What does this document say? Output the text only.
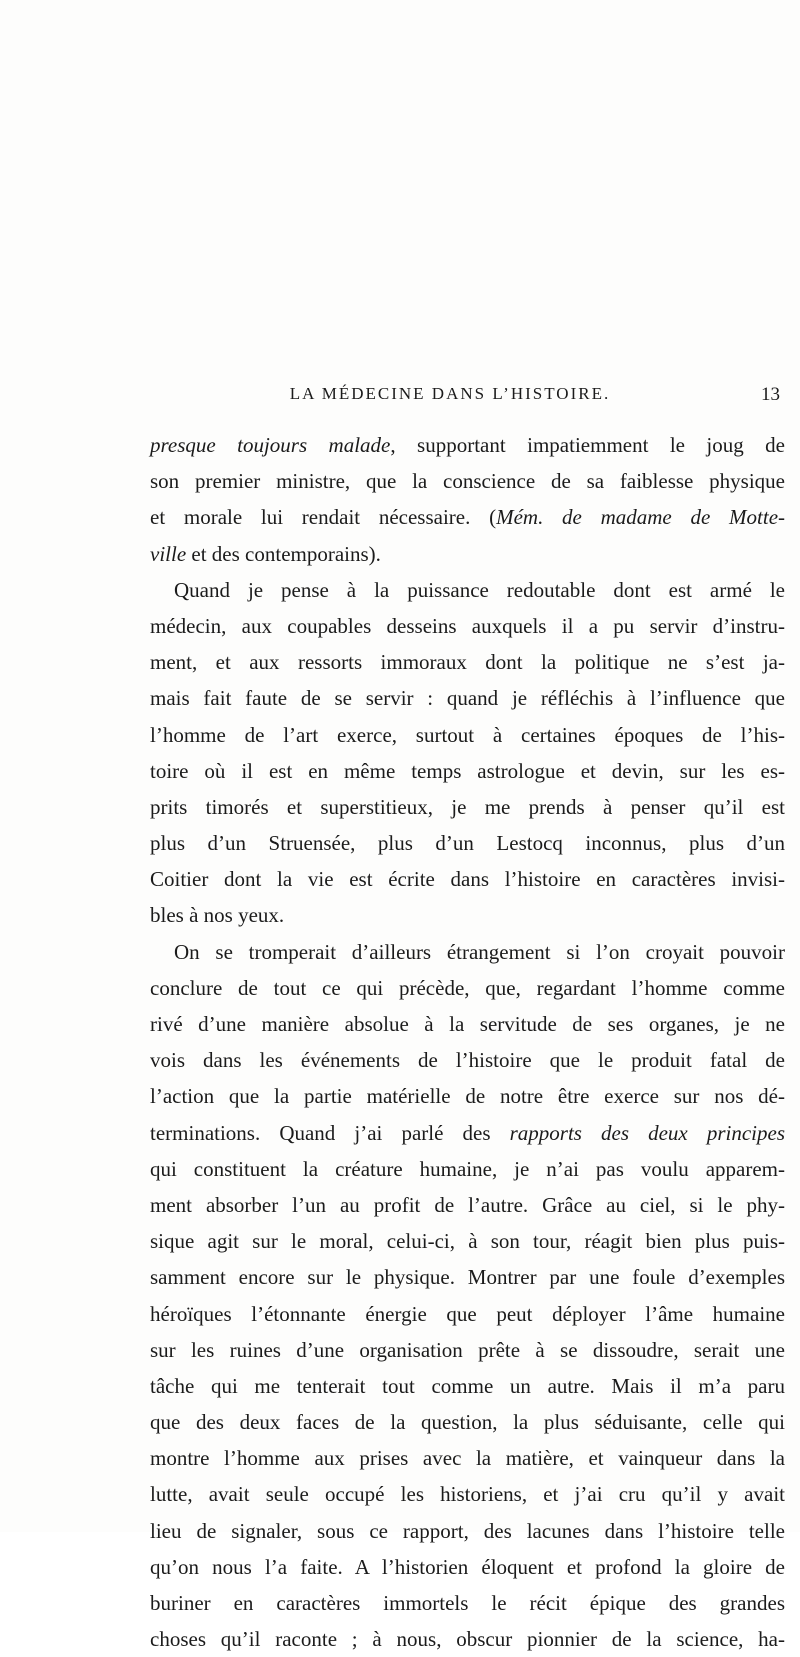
LA MÉDECINE DANS L’HISTOIRE.	13
presque toujours malade, supportant impatiemment le joug de
son premier ministre, que la conscience de sa faiblesse physique
et morale lui rendait nécessaire. (Mém. de madame de Motte-
ville et des contemporains).
Quand je pense à la puissance redoutable dont est armé le
médecin, aux coupables desseins auxquels il a pu servir d’instru-
ment, et aux ressorts immoraux dont la politique ne s’est ja-
mais fait faute de se servir : quand je réfléchis à l’influence que
l’homme de l’art exerce, surtout à certaines époques de l’his-
toire où il est en même temps astrologue et devin, sur les es-
prits timorés et superstitieux, je me prends à penser qu’il est
plus d’un Struensée, plus d’un Lestocq inconnus, plus d’un
Coitier dont la vie est écrite dans l’histoire en caractères invisi-
bles à nos yeux.
On se tromperait d’ailleurs étrangement si l’on croyait pouvoir
conclure de tout ce qui précède, que, regardant l’homme comme
rivé d’une manière absolue à la servitude de ses organes, je ne
vois dans les événements de l’histoire que le produit fatal de
l’action que la partie matérielle de notre être exerce sur nos dé-
terminations. Quand j’ai parlé des rapports des deux principes
qui constituent la créature humaine, je n’ai pas voulu apparem-
ment absorber l’un au profit de l’autre. Grâce au ciel, si le phy-
sique agit sur le moral, celui-ci, à son tour, réagit bien plus puis-
samment encore sur le physique. Montrer par une foule d’exemples
héroïques l’étonnante énergie que peut déployer l’âme humaine
sur les ruines d’une organisation prête à se dissoudre, serait une
tâche qui me tenterait tout comme un autre. Mais il m’a paru
que des deux faces de la question, la plus séduisante, celle qui
montre l’homme aux prises avec la matière, et vainqueur dans la
lutte, avait seule occupé les historiens, et j’ai cru qu’il y avait
lieu de signaler, sous ce rapport, des lacunes dans l’histoire telle
qu’on nous l’a faite. A l’historien éloquent et profond la gloire de
buriner en caractères immortels le récit épique des grandes
choses qu’il raconte ; à nous, obscur pionnier de la science, ha-
